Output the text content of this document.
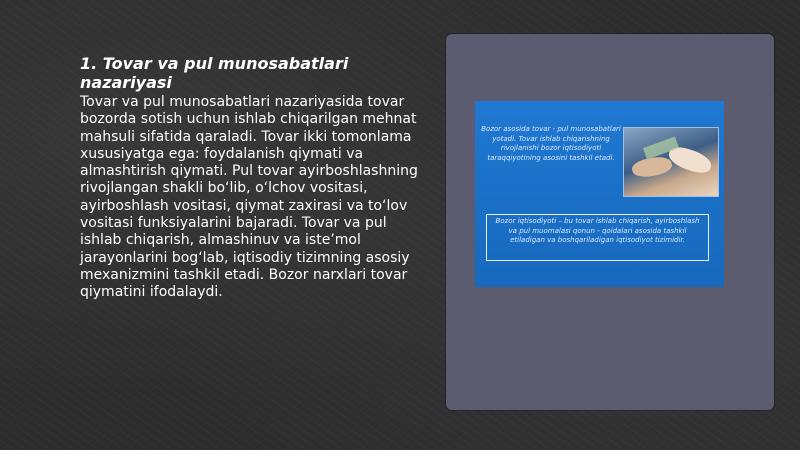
1. Tovar va pul munosabatlari nazariyasi

Tovar va pul munosabatlari nazariyasida tovar bozorda sotish uchun ishlab chiqarilgan mehnat mahsuli sifatida qaraladi. Tovar ikki tomonlama xususiyatga ega: foydalanish qiymati va almashtirish qiymati. Pul tovar ayirboshlashning rivojlangan shakli bo‘lib, o‘lchov vositasi, ayirboshlash vositasi, qiymat zaxirasi va to‘lov vositasi funksiyalarini bajaradi. Tovar va pul ishlab chiqarish, almashinuv va iste’mol jarayonlarini bog‘lab, iqtisodiy tizimning asosiy mexanizmini tashkil etadi. Bozor narxlari tovar qiymatini ifodalaydi.

Bozor asosida tovar - pul munosabatlari yotadi. Tovar ishlab chiqarishning rivojlanishi bozor iqtisodiyoti taraqqiyotining asosini tashkil etadi.
Bozor iqtisodiyoti – bu tovar ishlab chiqarish, ayirboshlash va pul muomalasi qonun - qoidalari asosida tashkil etiladigan va boshqariladigan iqtisodiyot tizimidir.
